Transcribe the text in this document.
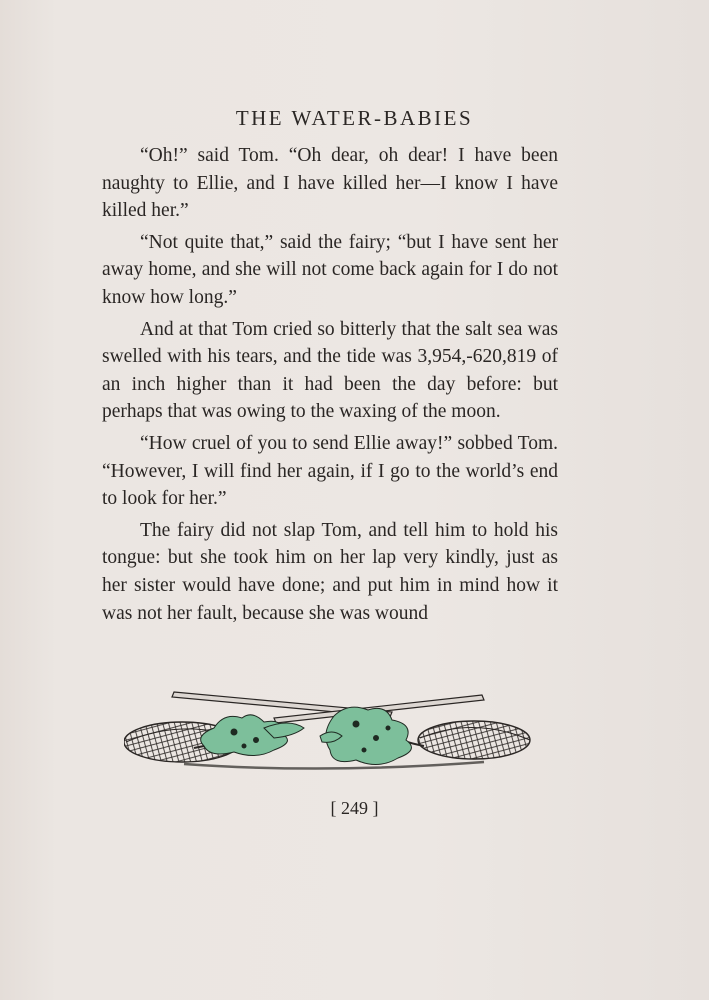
THE WATER-BABIES

“Oh!” said Tom. “Oh dear, oh dear! I have been naughty to Ellie, and I have killed her—I know I have killed her.”

“Not quite that,” said the fairy; “but I have sent her away home, and she will not come back again for I do not know how long.”

And at that Tom cried so bitterly that the salt sea was swelled with his tears, and the tide was 3,954,-620,819 of an inch higher than it had been the day before: but perhaps that was owing to the waxing of the moon.

“How cruel of you to send Ellie away!” sobbed Tom. “However, I will find her again, if I go to the world’s end to look for her.”

The fairy did not slap Tom, and tell him to hold his tongue: but she took him on her lap very kindly, just as her sister would have done; and put him in mind how it was not her fault, because she was wound

[ 249 ]
